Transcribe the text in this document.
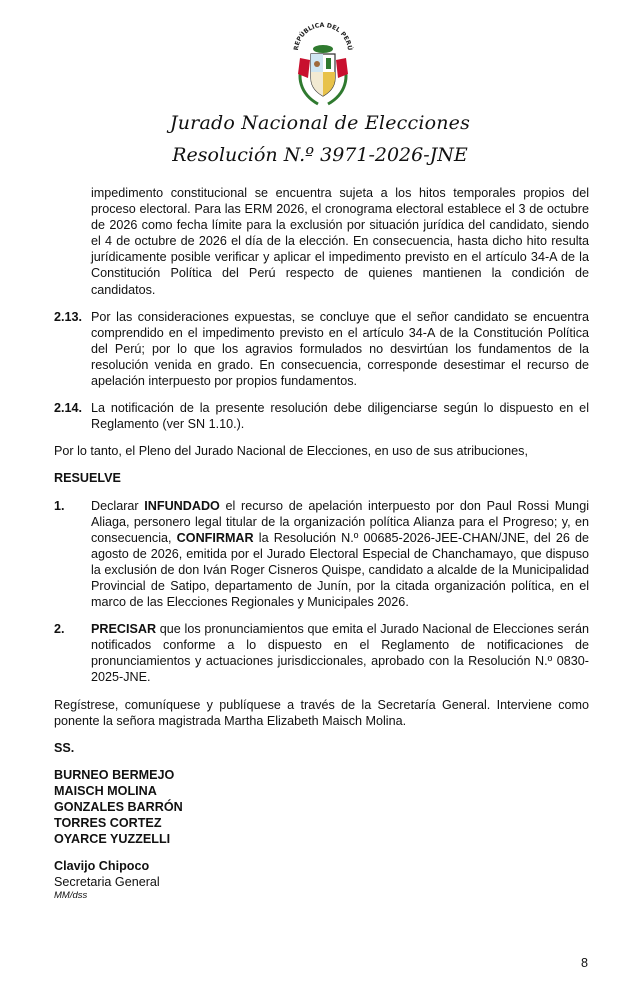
REPÚBLICA DEL PERÚ
Jurado Nacional de Elecciones
Resolución N.º 3971-2026-JNE

impedimento constitucional se encuentra sujeta a los hitos temporales propios del proceso electoral. Para las ERM 2026, el cronograma electoral establece el 3 de octubre de 2026 como fecha límite para la exclusión por situación jurídica del candidato, siendo el 4 de octubre de 2026 el día de la elección. En consecuencia, hasta dicho hito resulta jurídicamente posible verificar y aplicar el impedimento previsto en el artículo 34-A de la Constitución Política del Perú respecto de quienes mantienen la condición de candidatos.

2.13. Por las consideraciones expuestas, se concluye que el señor candidato se encuentra comprendido en el impedimento previsto en el artículo 34-A de la Constitución Política del Perú; por lo que los agravios formulados no desvirtúan los fundamentos de la resolución venida en grado. En consecuencia, corresponde desestimar el recurso de apelación interpuesto por propios fundamentos.
2.14. La notificación de la presente resolución debe diligenciarse según lo dispuesto en el Reglamento (ver SN 1.10.).

Por lo tanto, el Pleno del Jurado Nacional de Elecciones, en uso de sus atribuciones,

RESUELVE

1.	Declarar INFUNDADO el recurso de apelación interpuesto por don Paul Rossi Mungi Aliaga, personero legal titular de la organización política Alianza para el Progreso; y, en consecuencia, CONFIRMAR la Resolución N.º 00685-2026-JEE-CHAN/JNE, del 26 de agosto de 2026, emitida por el Jurado Electoral Especial de Chanchamayo, que dispuso la exclusión de don Iván Roger Cisneros Quispe, candidato a alcalde de la Municipalidad Provincial de Satipo, departamento de Junín, por la citada organización política, en el marco de las Elecciones Regionales y Municipales 2026.
2.	PRECISAR que los pronunciamientos que emita el Jurado Nacional de Elecciones serán notificados conforme a lo dispuesto en el Reglamento de notificaciones de pronunciamientos y actuaciones jurisdiccionales, aprobado con la Resolución N.º 0830-2025-JNE.

Regístrese, comuníquese y publíquese a través de la Secretaría General. Interviene como ponente la señora magistrada Martha Elizabeth Maisch Molina.

SS.

BURNEO BERMEJO
MAISCH MOLINA
GONZALES BARRÓN
TORRES CORTEZ
OYARCE YUZZELLI
Clavijo Chipoco
Secretaria General
MM/dss
8
